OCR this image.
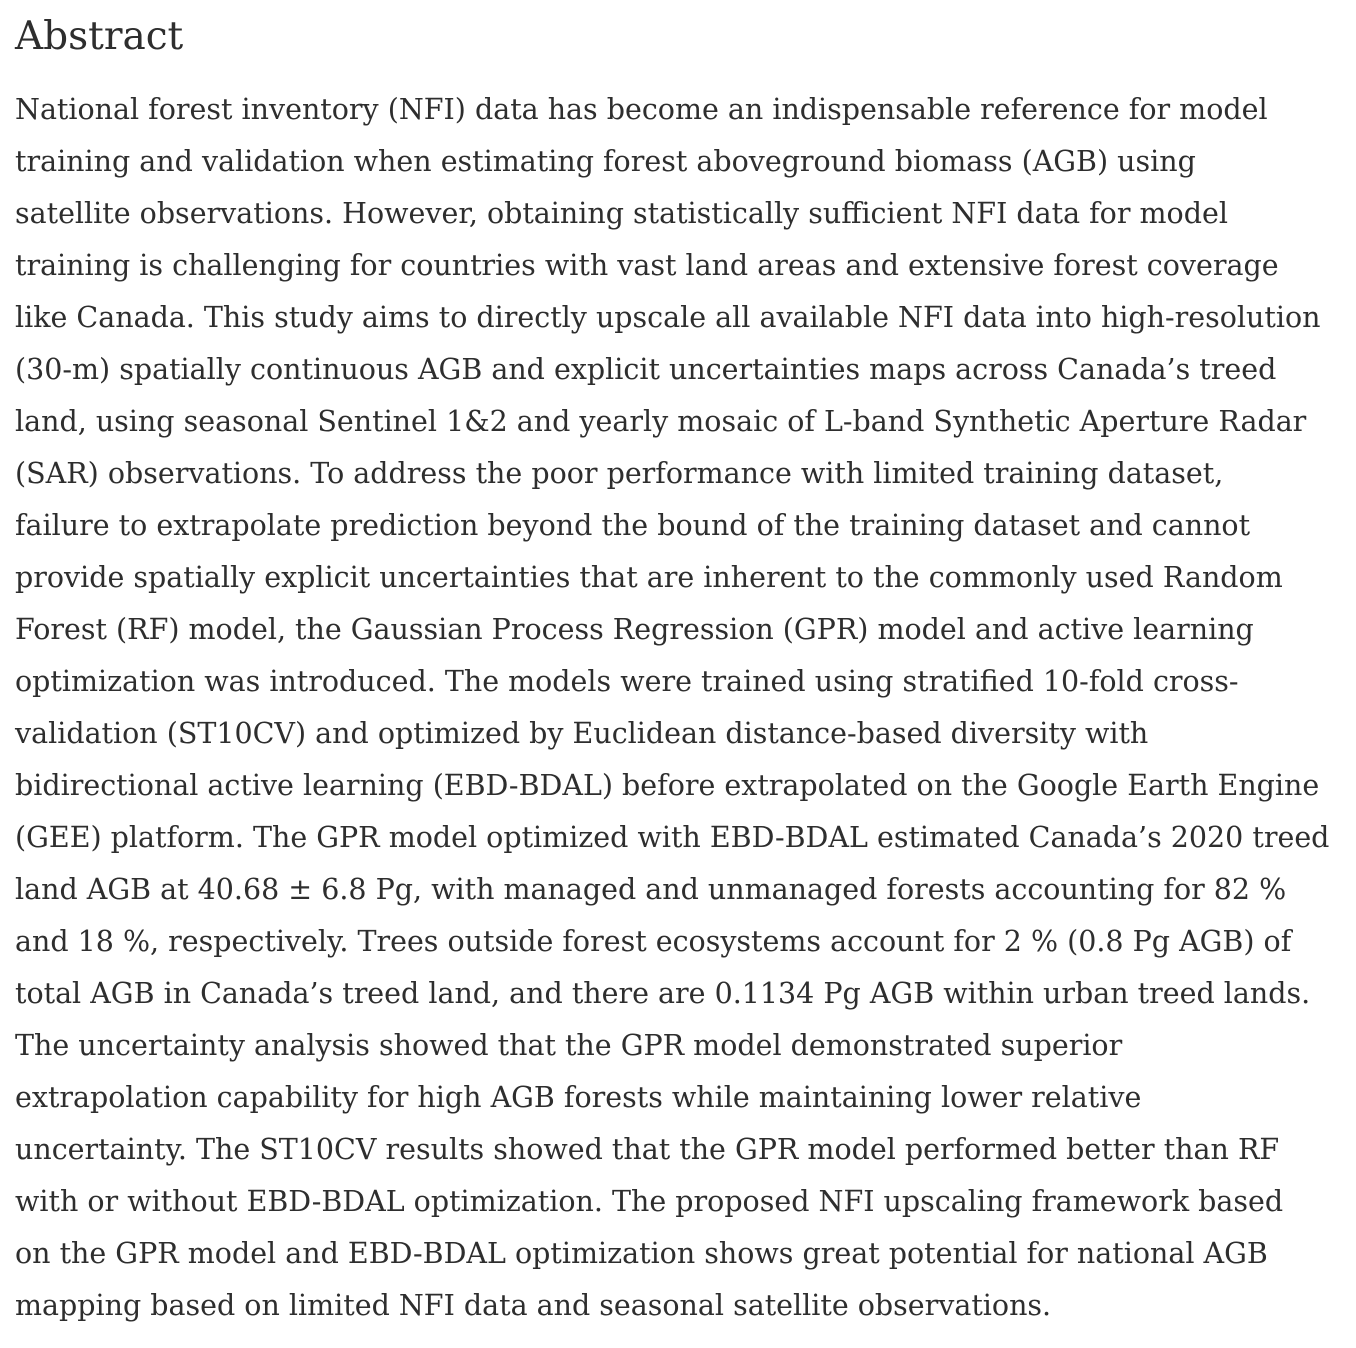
Abstract
National forest inventory (NFI) data has become an indispensable reference for model
training and validation when estimating forest aboveground biomass (AGB) using
satellite observations. However, obtaining statistically sufficient NFI data for model
training is challenging for countries with vast land areas and extensive forest coverage
like Canada. This study aims to directly upscale all available NFI data into high-resolution
(30-m) spatially continuous AGB and explicit uncertainties maps across Canada’s treed
land, using seasonal Sentinel 1&2 and yearly mosaic of L-band Synthetic Aperture Radar
(SAR) observations. To address the poor performance with limited training dataset,
failure to extrapolate prediction beyond the bound of the training dataset and cannot
provide spatially explicit uncertainties that are inherent to the commonly used Random
Forest (RF) model, the Gaussian Process Regression (GPR) model and active learning
optimization was introduced. The models were trained using stratified 10-fold cross-
validation (ST10CV) and optimized by Euclidean distance-based diversity with
bidirectional active learning (EBD-BDAL) before extrapolated on the Google Earth Engine
(GEE) platform. The GPR model optimized with EBD-BDAL estimated Canada’s 2020 treed
land AGB at 40.68 ± 6.8 Pg, with managed and unmanaged forests accounting for 82 %
and 18 %, respectively. Trees outside forest ecosystems account for 2 % (0.8 Pg AGB) of
total AGB in Canada’s treed land, and there are 0.1134 Pg AGB within urban treed lands.
The uncertainty analysis showed that the GPR model demonstrated superior
extrapolation capability for high AGB forests while maintaining lower relative
uncertainty. The ST10CV results showed that the GPR model performed better than RF
with or without EBD-BDAL optimization. The proposed NFI upscaling framework based
on the GPR model and EBD-BDAL optimization shows great potential for national AGB
mapping based on limited NFI data and seasonal satellite observations.
